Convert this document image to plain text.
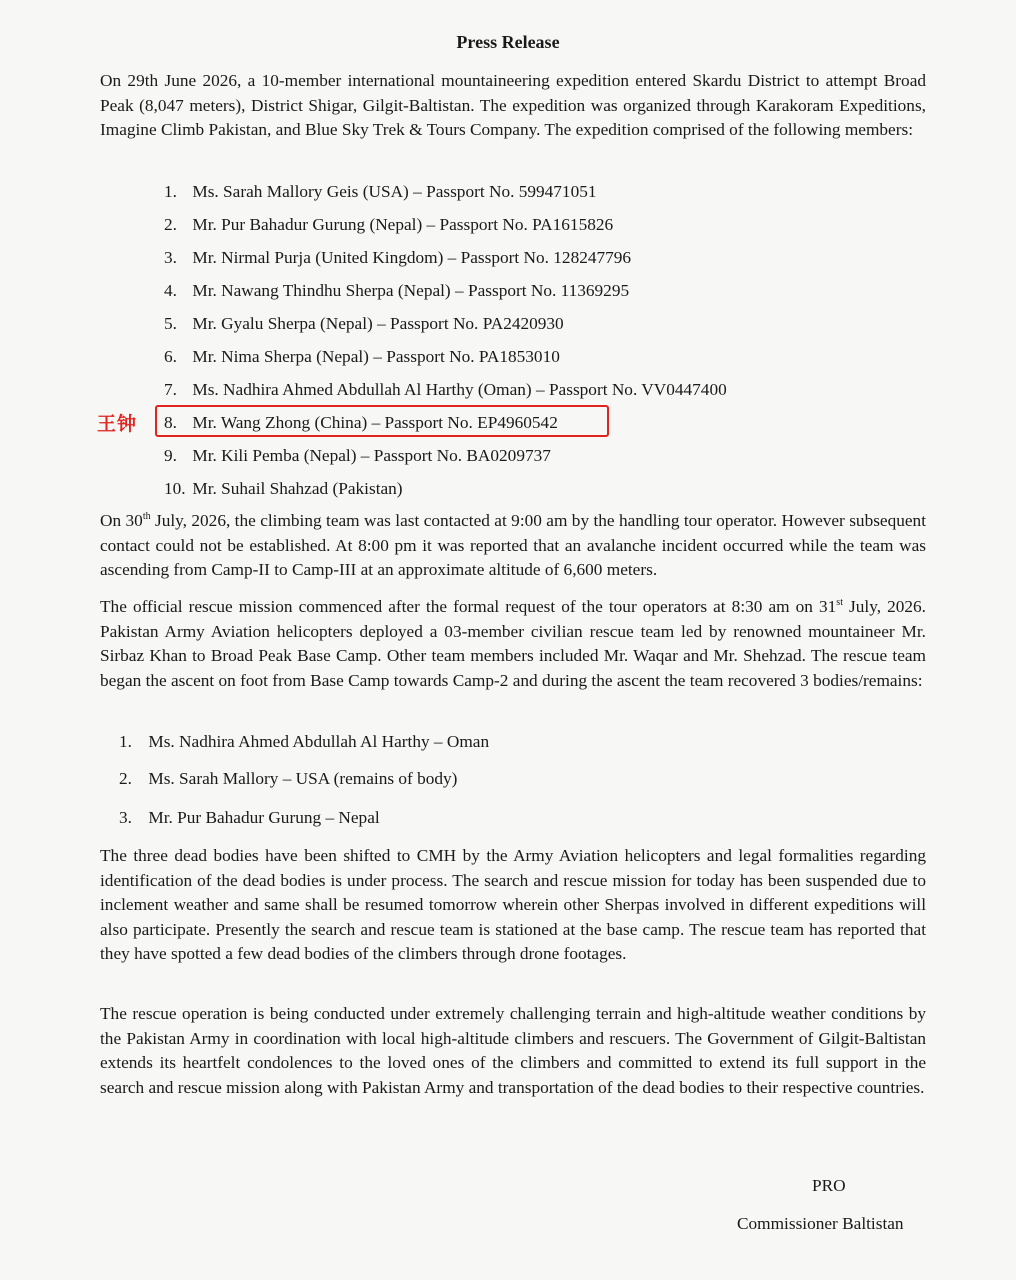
Press Release

On 29th June 2026, a 10-member international mountaineering expedition entered Skardu District to attempt Broad Peak (8,047 meters), District Shigar, Gilgit-Baltistan. The expedition was organized through Karakoram Expeditions, Imagine Climb Pakistan, and Blue Sky Trek & Tours Company. The expedition comprised of the following members:

1. Ms. Sarah Mallory Geis (USA) – Passport No. 599471051
2. Mr. Pur Bahadur Gurung (Nepal) – Passport No. PA1615826
3. Mr. Nirmal Purja (United Kingdom) – Passport No. 128247796
4. Mr. Nawang Thindhu Sherpa (Nepal) – Passport No. 11369295
5. Mr. Gyalu Sherpa (Nepal) – Passport No. PA2420930
6. Mr. Nima Sherpa (Nepal) – Passport No. PA1853010
7. Ms. Nadhira Ahmed Abdullah Al Harthy (Oman) – Passport No. VV0447400
8. Mr. Wang Zhong (China) – Passport No. EP4960542
9. Mr. Kili Pemba (Nepal) – Passport No. BA0209737
10. Mr. Suhail Shahzad (Pakistan)
王钟

On 30th July, 2026, the climbing team was last contacted at 9:00 am by the handling tour operator. However subsequent contact could not be established. At 8:00 pm it was reported that an avalanche incident occurred while the team was ascending from Camp-II to Camp-III at an approximate altitude of 6,600 meters.

The official rescue mission commenced after the formal request of the tour operators at 8:30 am on 31st July, 2026. Pakistan Army Aviation helicopters deployed a 03-member civilian rescue team led by renowned mountaineer Mr. Sirbaz Khan to Broad Peak Base Camp. Other team members included Mr. Waqar and Mr. Shehzad. The rescue team began the ascent on foot from Base Camp towards Camp-2 and during the ascent the team recovered 3 bodies/remains:

1. Ms. Nadhira Ahmed Abdullah Al Harthy – Oman
2. Ms. Sarah Mallory – USA (remains of body)
3. Mr. Pur Bahadur Gurung – Nepal

The three dead bodies have been shifted to CMH by the Army Aviation helicopters and legal formalities regarding identification of the dead bodies is under process. The search and rescue mission for today has been suspended due to inclement weather and same shall be resumed tomorrow wherein other Sherpas involved in different expeditions will also participate. Presently the search and rescue team is stationed at the base camp. The rescue team has reported that they have spotted a few dead bodies of the climbers through drone footages.

The rescue operation is being conducted under extremely challenging terrain and high-altitude weather conditions by the Pakistan Army in coordination with local high-altitude climbers and rescuers. The Government of Gilgit-Baltistan extends its heartfelt condolences to the loved ones of the climbers and committed to extend its full support in the search and rescue mission along with Pakistan Army and transportation of the dead bodies to their respective countries.

PRO
Commissioner Baltistan
